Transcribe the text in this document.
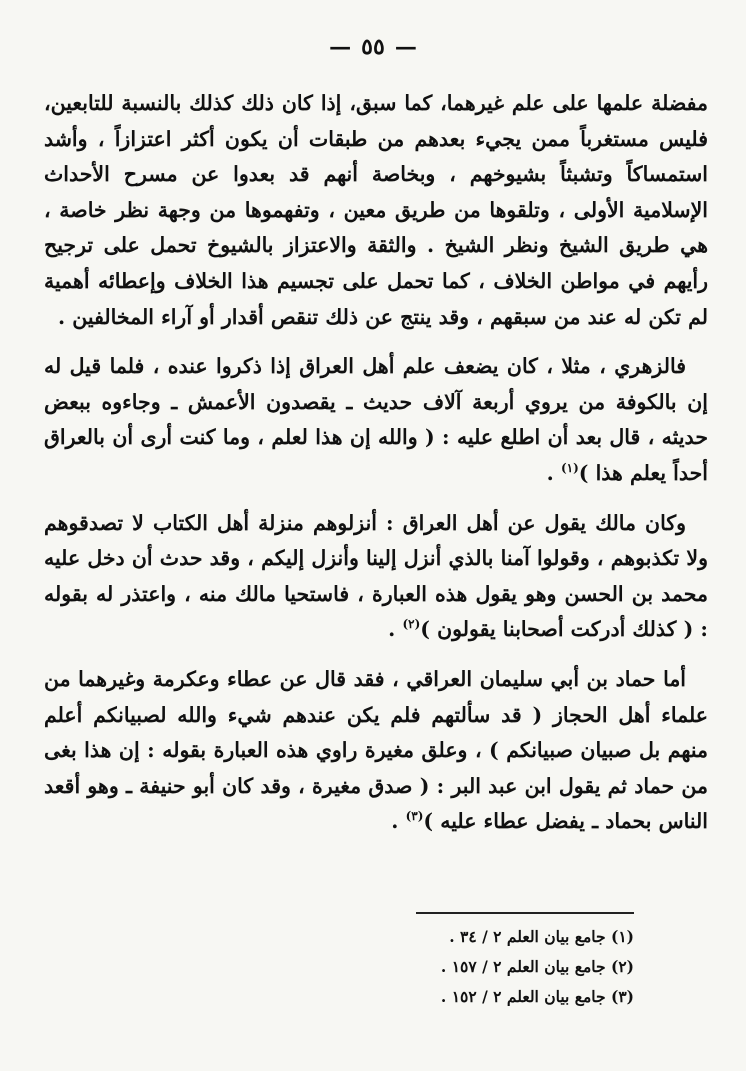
—٥٥—

مفضلة علمها على علم غيرهما، كما سبق، إذا كان ذلك كذلك بالنسبة للتابعين، فليس مستغرباً ممن يجيء بعدهم من طبقات أن يكون أكثر اعتزازاً ، وأشد استمساكاً وتشبثاً بشيوخهم ، وبخاصة أنهم قد بعدوا عن مسرح الأحداث الإسلامية الأولى ، وتلقوها من طريق معين ، وتفهموها من وجهة نظر خاصة ، هي طريق الشيخ ونظر الشيخ . والثقة والاعتزاز بالشيوخ تحمل على ترجيح رأيهم في مواطن الخلاف ، كما تحمل على تجسيم هذا الخلاف وإعطائه أهمية لم تكن له عند من سبقهم ، وقد ينتج عن ذلك تنقص أقدار أو آراء المخالفين .

فالزهري ، مثلا ، كان يضعف علم أهل العراق إذا ذكروا عنده ، فلما قيل له إن بالكوفة من يروي أربعة آلاف حديث ـ يقصدون الأعمش ـ وجاءوه ببعض حديثه ، قال بعد أن اطلع عليه : ( والله إن هذا لعلم ، وما كنت أرى أن بالعراق أحداً يعلم هذا )$^{(١)}$ .

وكان مالك يقول عن أهل العراق : أنزلوهم منزلة أهل الكتاب لا تصدقوهم ولا تكذبوهم ، وقولوا آمنا بالذي أنزل إلينا وأنزل إليكم ، وقد حدث أن دخل عليه محمد بن الحسن وهو يقول هذه العبارة ، فاستحيا مالك منه ، واعتذر له بقوله : ( كذلك أدركت أصحابنا يقولون )$^{(٢)}$ .

أما حماد بن أبي سليمان العراقي ، فقد قال عن عطاء وعكرمة وغيرهما من علماء أهل الحجاز ( قد سألتهم فلم يكن عندهم شيء والله لصبيانكم أعلم منهم بل صبيان صبيانكم ) ، وعلق مغيرة راوي هذه العبارة بقوله : إن هذا بغى من حماد ثم يقول ابن عبد البر : ( صدق مغيرة ، وقد كان أبو حنيفة ـ وهو أقعد الناس بحماد ـ يفضل عطاء عليه )$^{(٣)}$ .

(١) جامع بيان العلم ٢ / ٣٤ .
(٢) جامع بيان العلم ٢ / ١٥٧ .
(٣) جامع بيان العلم ٢ / ١٥٢ .
